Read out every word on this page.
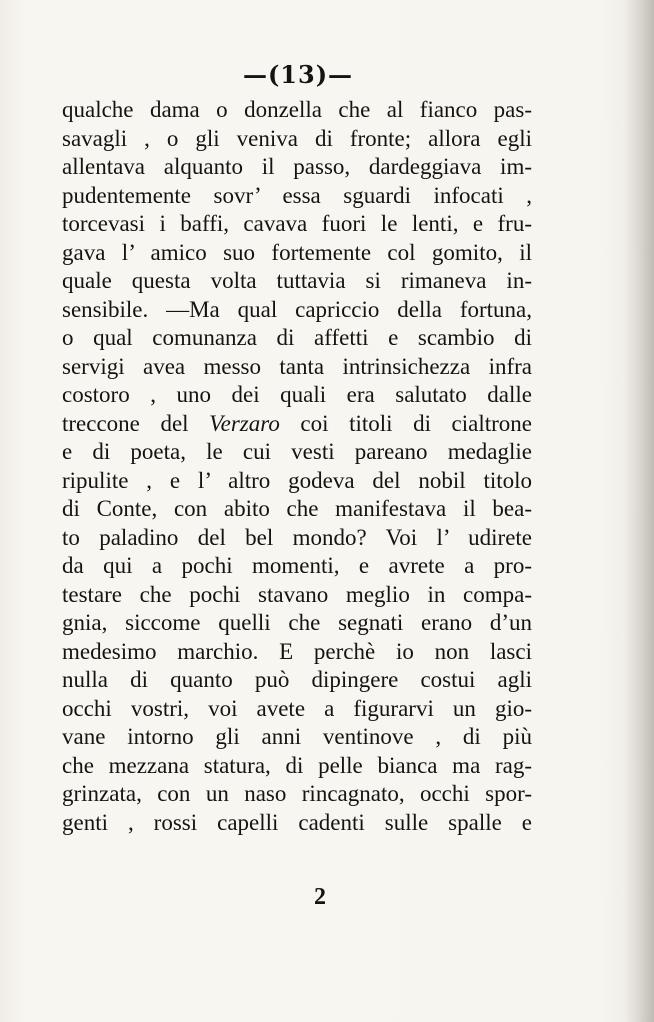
—(13)—
qualche dama o donzella che al fianco pas-
savagli , o gli veniva di fronte; allora egli
allentava alquanto il passo, dardeggiava im-
pudentemente sovr’ essa sguardi infocati ,
torcevasi i baffi, cavava fuori le lenti, e fru-
gava l’ amico suo fortemente col gomito, il
quale questa volta tuttavia si rimaneva in-
sensibile. —Ma qual capriccio della fortuna,
o qual comunanza di affetti e scambio di
servigi avea messo tanta intrinsichezza infra
costoro , uno dei quali era salutato dalle
treccone del Verzaro coi titoli di cialtrone
e di poeta, le cui vesti pareano medaglie
ripulite , e l’ altro godeva del nobil titolo
di Conte, con abito che manifestava il bea-
to paladino del bel mondo? Voi l’ udirete
da qui a pochi momenti, e avrete a pro-
testare che pochi stavano meglio in compa-
gnia, siccome quelli che segnati erano d’un
medesimo marchio. E perchè io non lasci
nulla di quanto può dipingere costui agli
occhi vostri, voi avete a figurarvi un gio-
vane intorno gli anni ventinove , di più
che mezzana statura, di pelle bianca ma rag-
grinzata, con un naso rincagnato, occhi spor-
genti , rossi capelli cadenti sulle spalle e
2
